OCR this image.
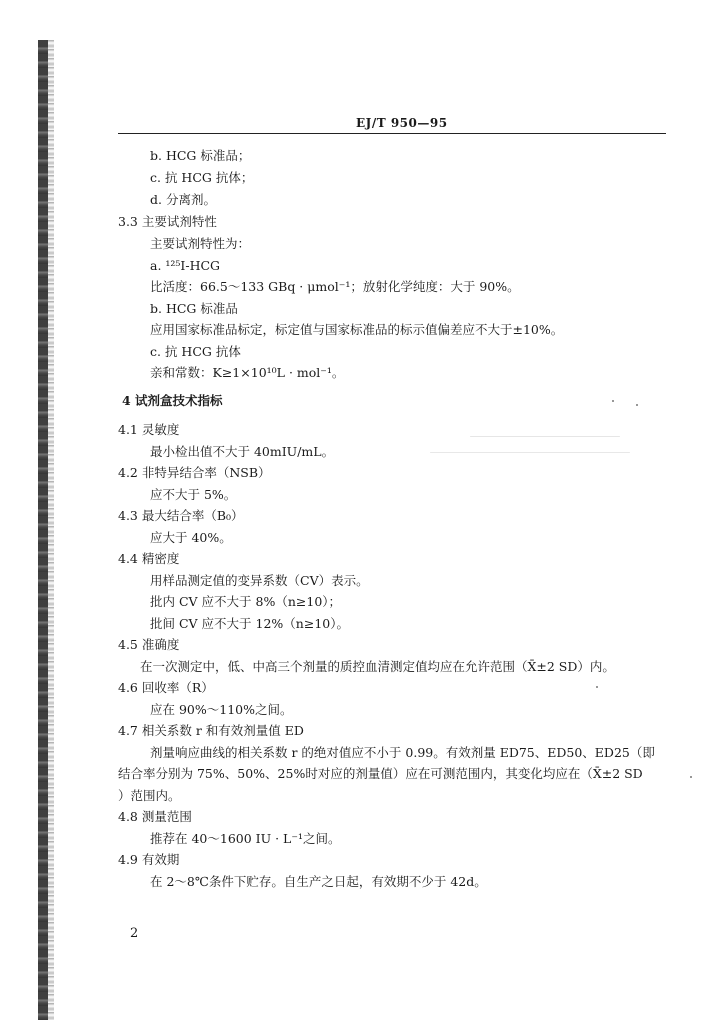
EJ/T 950—95
b. HCG 标准品；
c. 抗 HCG 抗体；
d. 分离剂。
3.3 主要试剂特性
主要试剂特性为：
a. ¹²⁵I-HCG
比活度：66.5～133 GBq · μmol⁻¹；放射化学纯度：大于 90%。
b. HCG 标准品
应用国家标准品标定，标定值与国家标准品的标示值偏差应不大于±10%。
c. 抗 HCG 抗体
亲和常数：K≥1×10¹⁰L · mol⁻¹。
4 试剂盒技术指标
4.1 灵敏度
最小检出值不大于 40mIU/mL。
4.2 非特异结合率（NSB）
应不大于 5%。
4.3 最大结合率（B₀）
应大于 40%。
4.4 精密度
用样品测定值的变异系数（CV）表示。
批内 CV 应不大于 8%（n≥10）；
批间 CV 应不大于 12%（n≥10）。
4.5 准确度
在一次测定中，低、中高三个剂量的质控血清测定值均应在允许范围（X̄±2 SD）内。
4.6 回收率（R）
应在 90%～110%之间。
4.7 相关系数 r 和有效剂量值 ED
剂量响应曲线的相关系数 r 的绝对值应不小于 0.99。有效剂量 ED75、ED50、ED25（即
结合率分别为 75%、50%、25%时对应的剂量值）应在可测范围内，其变化均应在（X̄±2 SD
）范围内。
4.8 测量范围
推荐在 40～1600 IU · L⁻¹之间。
4.9 有效期
在 2～8℃条件下贮存。自生产之日起，有效期不少于 42d。
2
